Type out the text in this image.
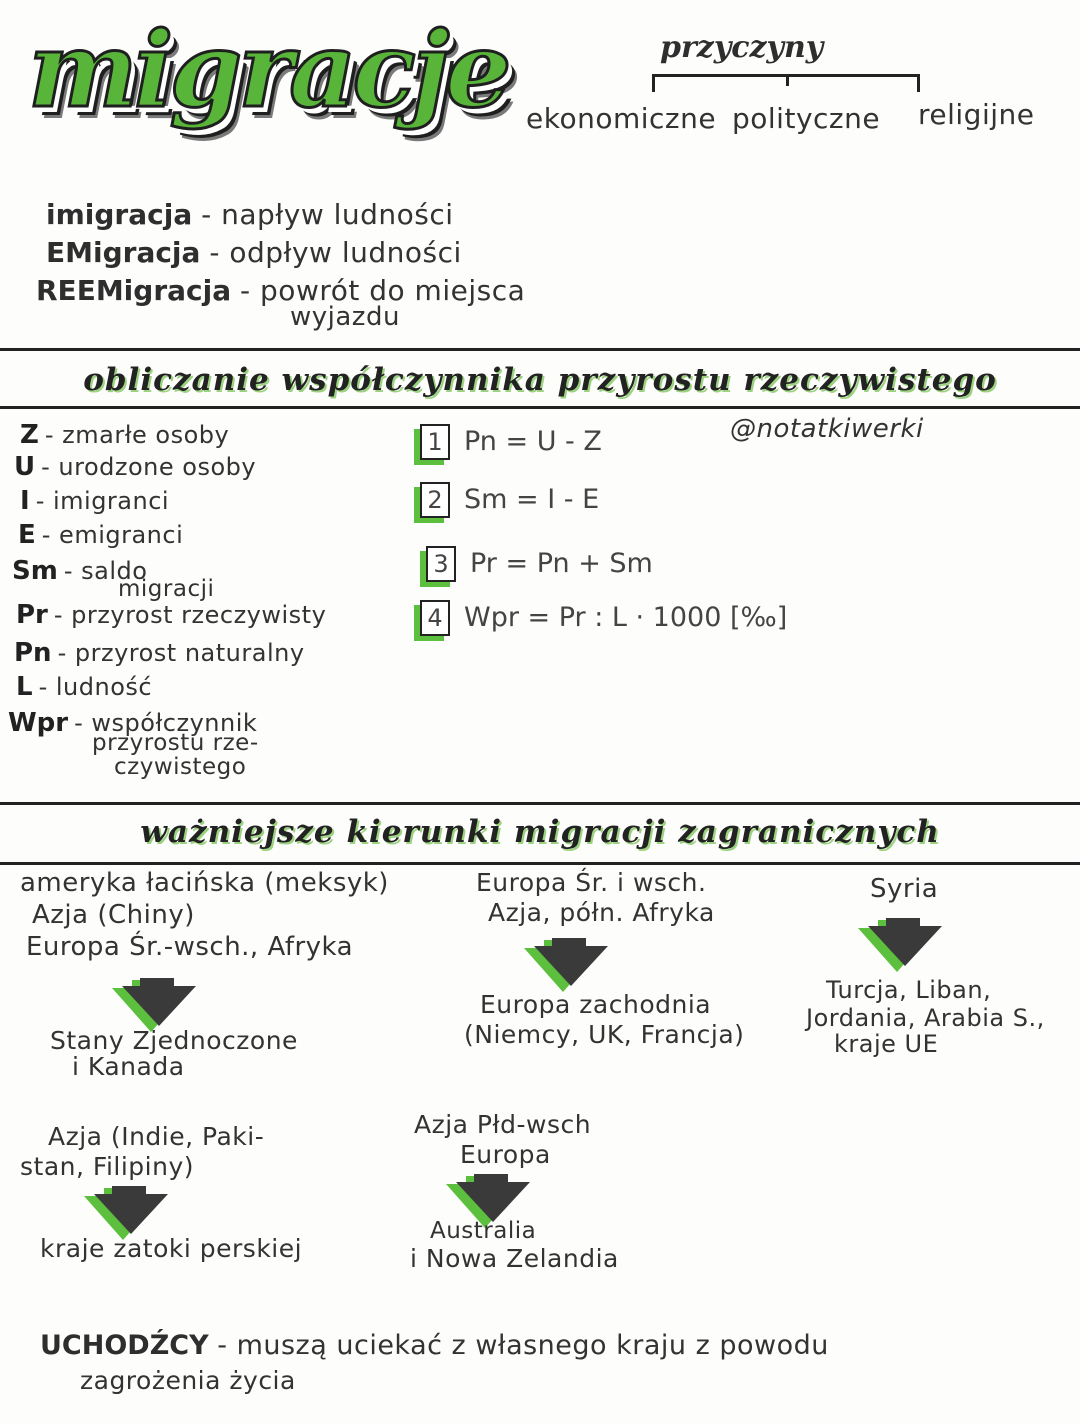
migracje	przyczyny
ekonomiczne polityczne religijne
imigracja - napływ ludności
EMigracja - odpływ ludności
REEMigracja - powrót do miejsca
wyjazdu
obliczanie współczynnika przyrostu rzeczywistego
@notatkiwerki
Z - zmarłe osoby
U - urodzone osoby
I - imigranci
E - emigranci
Sm - saldo
migracji
Pr - przyrost rzeczywisty
Pn - przyrost naturalny
L - ludność
Wpr - współczynnik
przyrostu rze-
czywistego
1 Pn = U - Z
2 Sm = I - E
3 Pr = Pn + Sm
4 Wpr = Pr : L · 1000 [‰]
ważniejsze kierunki migracji zagranicznych
ameryka łacińska (meksyk)
Azja (Chiny)
Europa Śr.-wsch., Afryka
Stany Zjednoczone
i Kanada
Europa Śr. i wsch.
Azja, półn. Afryka
Europa zachodnia
(Niemcy, UK, Francja)
Syria
Turcja, Liban,
Jordania, Arabia S.,
kraje UE
Azja (Indie, Paki-
stan, Filipiny)
kraje zatoki perskiej
Azja Płd-wsch
Europa
Australia
i Nowa Zelandia
UCHODŹCY - muszą uciekać z własnego kraju z powodu
zagrożenia życia
